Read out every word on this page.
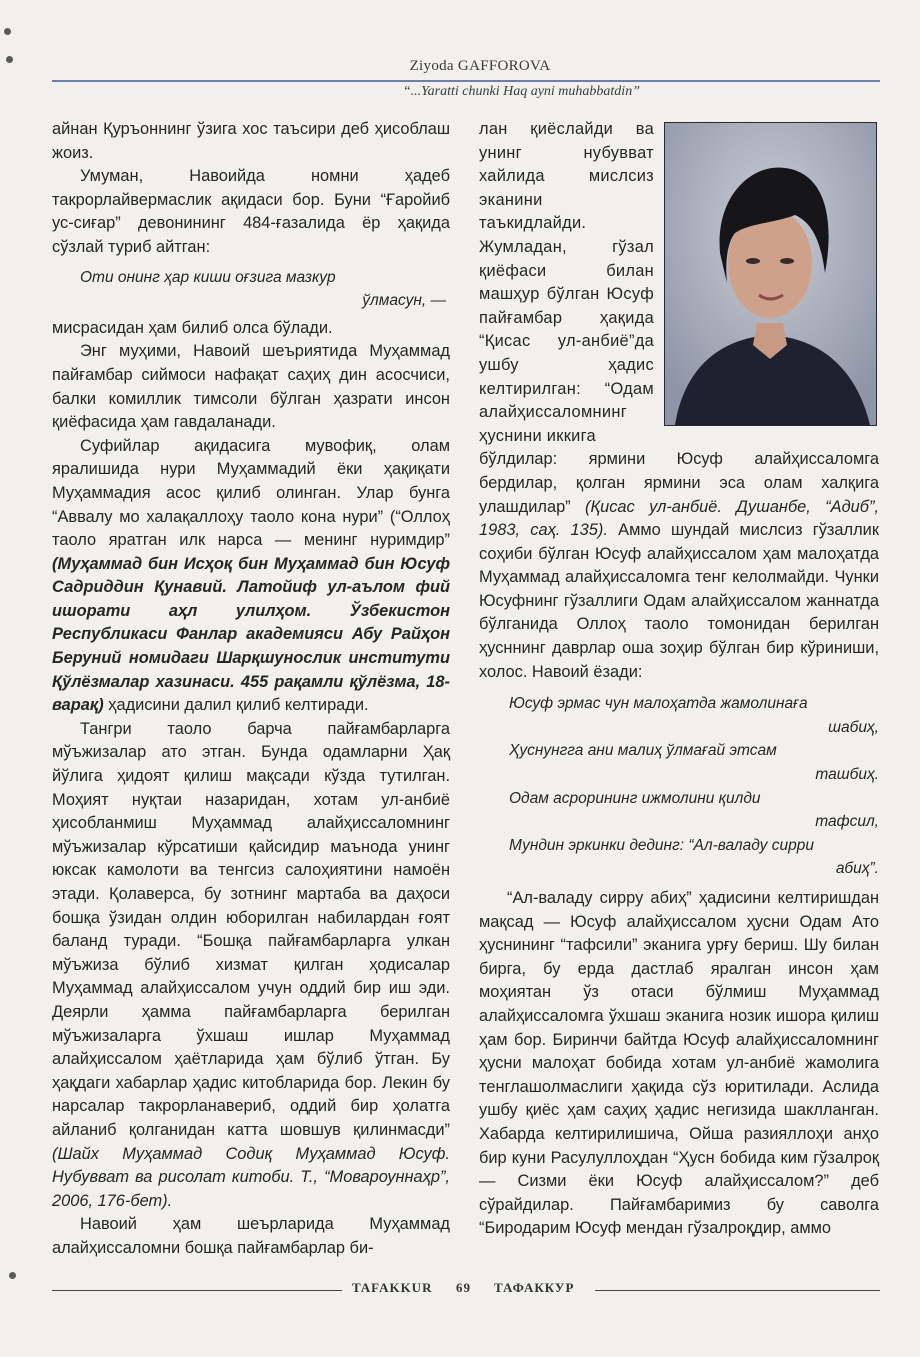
Ziyoda GAFFOROVA
“...Yaratti chunki Haq ayni muhabbatdin”

айнан Қуръоннинг ўзига хос таъсири деб ҳисоблаш жоиз.

Умуман, Навоийда номни ҳадеб такрорлайвермаслик ақидаси бор. Буни “Ғаройиб ус-сиғар” девонининг 484-ғазалида ёр ҳақида сўзлай туриб айтган:

Оти онинг ҳар киши оғзига мазкур
ўлмасун, —

мисрасидан ҳам билиб олса бўлади.

Энг муҳими, Навоий шеъриятида Муҳаммад пайғамбар сиймоси нафақат саҳиҳ дин асосчиси, балки комиллик тимсоли бўлган ҳазрати инсон қиёфасида ҳам гавдаланади.

Суфийлар ақидасига мувофиқ, олам яралишида нури Муҳаммадий ёки ҳақиқати Муҳаммадия асос қилиб олинган. Улар бунга “Аввалу мо халақаллоҳу таоло кона нури” (“Оллоҳ таоло яратган илк нарса — менинг нуримдир” (Муҳаммад бин Исҳоқ бин Муҳаммад бин Юсуф Садриддин Қунавий. Латойиф ул-аълом фий ишорати аҳл улилҳом. Ўзбекистон Республикаси Фанлар академияси Абу Райҳон Беруний номидаги Шарқшунослик институти Қўлёзмалар хазинаси. 455 рақамли қўлёзма, 18-варақ) ҳадисини далил қилиб келтиради.

Тангри таоло барча пайғамбарларга мўъжизалар ато этган. Бунда одамларни Ҳақ йўлига ҳидоят қилиш мақсади кўзда тутилган. Моҳият нуқтаи назаридан, хотам ул-анбиё ҳисобланмиш Муҳаммад алайҳиссаломнинг мўъжизалар кўрсатиши қайсидир маънода унинг юксак камолоти ва тенгсиз салоҳиятини намоён этади. Қолаверса, бу зотнинг мартаба ва даҳоси бошқа ўзидан олдин юборилган набилардан ғоят баланд туради. “Бошқа пайғамбарларга улкан мўъжиза бўлиб хизмат қилган ҳодисалар Муҳаммад алайҳиссалом учун оддий бир иш эди. Деярли ҳамма пайғамбарларга берилган мўъжизаларга ўхшаш ишлар Муҳаммад алайҳиссалом ҳаётларида ҳам бўлиб ўтган. Бу ҳақдаги хабарлар ҳадис китобларида бор. Лекин бу нарсалар такрорланавериб, оддий бир ҳолатга айланиб қолганидан катта шовшув қилинмасди” (Шайх Муҳаммад Содиқ Муҳаммад Юсуф. Нубувват ва рисолат китоби. Т., “Мовароуннаҳр”, 2006, 176-бет).

Навоий ҳам шеърларида Муҳаммад алайҳиссаломни бошқа пайғамбарлар би-

лан қиёслайди ва унинг нубувват хайлида мислсиз эканини таъкидлайди. Жумладан, гўзал қиёфаси билан машҳур бўлган Юсуф пайғамбар ҳақида “Қисас ул-анбиё”да ушбу ҳадис келтирилган: “Одам алайҳиссаломнинг ҳуснини иккига

бўлдилар: ярмини Юсуф алайҳиссаломга бердилар, қолган ярмини эса олам халқига улашдилар” (Қисас ул-анбиё. Душанбе, “Адиб”, 1983, саҳ. 135). Аммо шундай мислсиз гўзаллик соҳиби бўлган Юсуф алайҳиссалом ҳам малоҳатда Муҳаммад алайҳиссаломга тенг келолмайди. Чунки Юсуфнинг гўзаллиги Одам алайҳиссалом жаннатда бўлганида Оллоҳ таоло томонидан берилган ҳусннинг даврлар оша зоҳир бўлган бир кўриниши, холос. Навоий ёзади:

Юсуф эрмас чун малоҳатда жамолинаға
шабиҳ,
Ҳуснунгга ани малиҳ ўлмағай этсам
ташбиҳ.
Одам асрорининг ижмолини қилди
тафсил,
Мундин эркинки дединг: “Ал-валаду сирри
абиҳ”.

“Ал-валаду сирру абиҳ” ҳадисини келтиришдан мақсад — Юсуф алайҳиссалом ҳусни Одам Ато ҳуснининг “тафсили” эканига урғу бериш. Шу билан бирга, бу ерда дастлаб яралган инсон ҳам моҳиятан ўз отаси бўлмиш Муҳаммад алайҳиссаломга ўхшаш эканига нозик ишора қилиш ҳам бор. Биринчи байтда Юсуф алайҳиссаломнинг ҳусни малоҳат бобида хотам ул-анбиё жамолига тенглашолмаслиги ҳақида сўз юритилади. Аслида ушбу қиёс ҳам саҳиҳ ҳадис негизида шаклланган. Хабарда келтирилишича, Ойша разияллоҳи анҳо бир куни Расулуллоҳдан “Ҳусн бобида ким гўзалроқ — Сизми ёки Юсуф алайҳиссалом?” деб сўрайдилар. Пайғамбаримиз бу саволга “Биродарим Юсуф мендан гўзалроқдир, аммо

TAFAKKUR 69 ТАФАККУР
